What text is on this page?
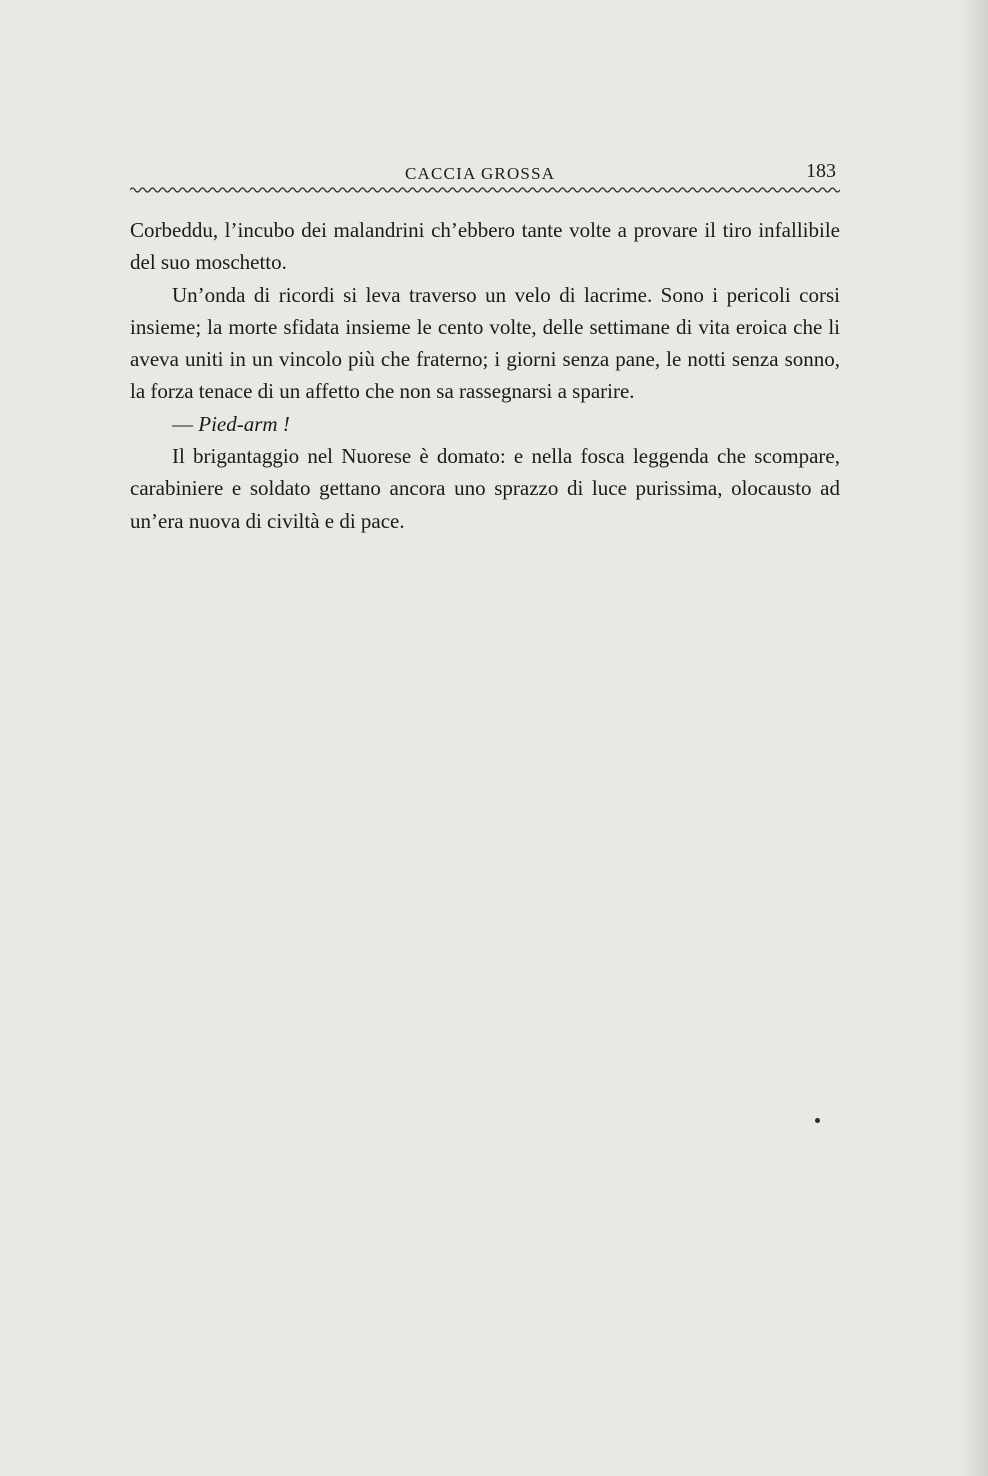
CACCIA GROSSA	183

Corbeddu, l’incubo dei malandrini ch’ebbero tante volte a provare il tiro infallibile del suo moschetto.

Un’onda di ricordi si leva traverso un velo di lacrime. Sono i pericoli corsi insieme; la morte sfidata insieme le cento volte, delle settimane di vita eroica che li aveva uniti in un vincolo più che fraterno; i giorni senza pane, le notti senza sonno, la forza tenace di un affetto che non sa rassegnarsi a sparire.

— Pied-arm !

Il brigantaggio nel Nuorese è domato: e nella fosca leggenda che scompare, carabiniere e soldato gettano ancora uno sprazzo di luce purissima, olocausto ad un’era nuova di civiltà e di pace.
